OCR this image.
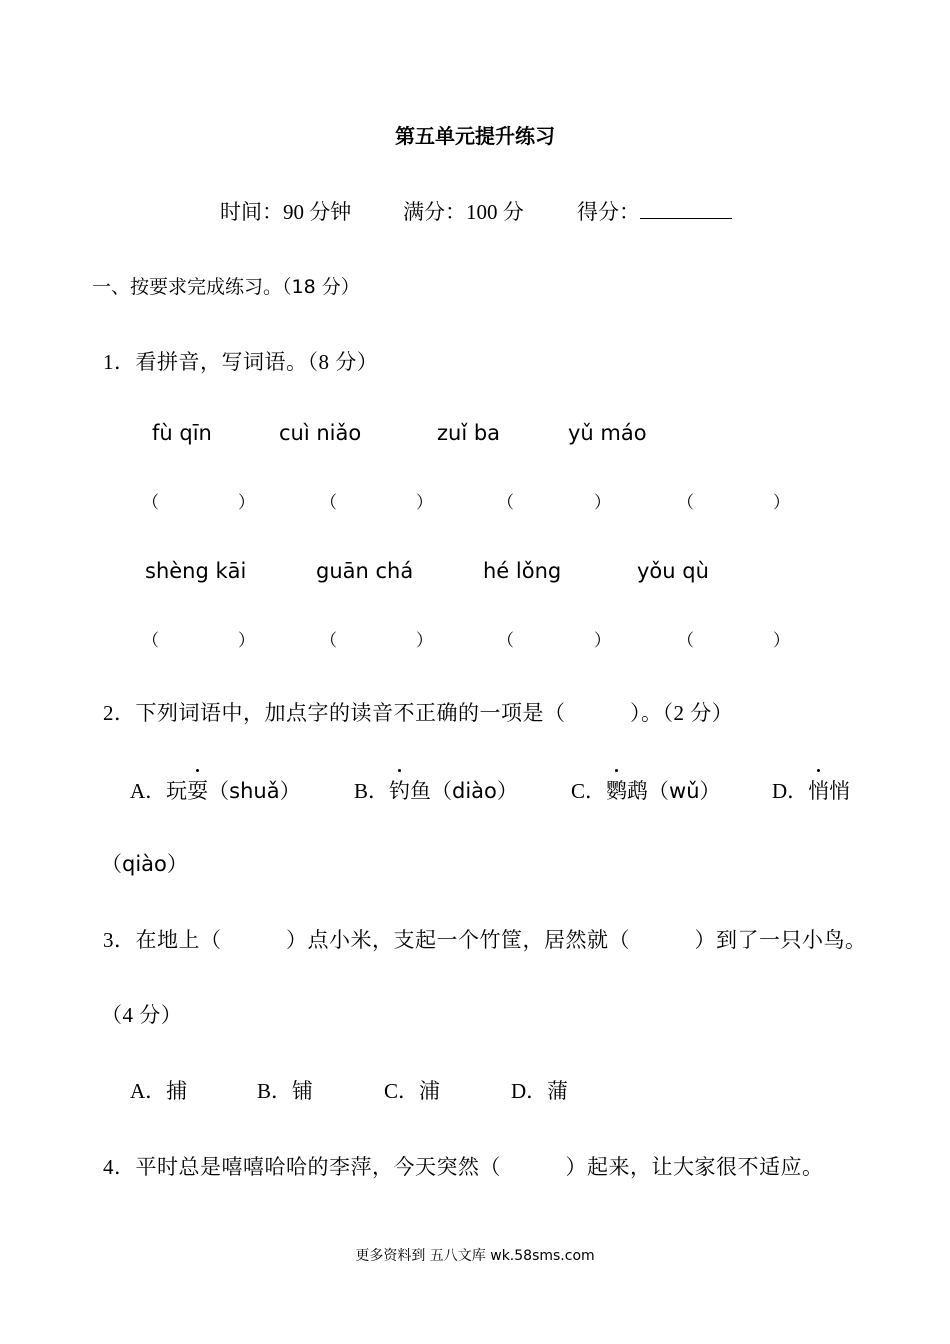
第五单元提升练习
时间：90 分钟 满分：100 分	得分：
一、按要求完成练习。（18 分）
1．看拼音，写词语。（8 分）
fù qīn	cuì niǎo	zuǐ ba	yǔ máo
（	）	（	）	（	）	（	）
shèng kāi	guān chá	hé lǒng	yǒu qù
（	）	（	）	（	）	（	）
2．下列词语中，加点字的读音不正确的一项是（　　　）。（2 分）
A．玩耍（shuǎ）	B．钓鱼（diào）	C．鹦鹉（wǔ） D．悄悄
（qiào）
3．在地上（　　　）点小米，支起一个竹筐，居然就（　　　）到了一只小鸟。
（4 分）
A．捕	B．铺	C．浦	D．蒲
4．平时总是嘻嘻哈哈的李萍，今天突然（　　　）起来，让大家很不适应。
更多资料到 五八文库 wk.58sms.com
